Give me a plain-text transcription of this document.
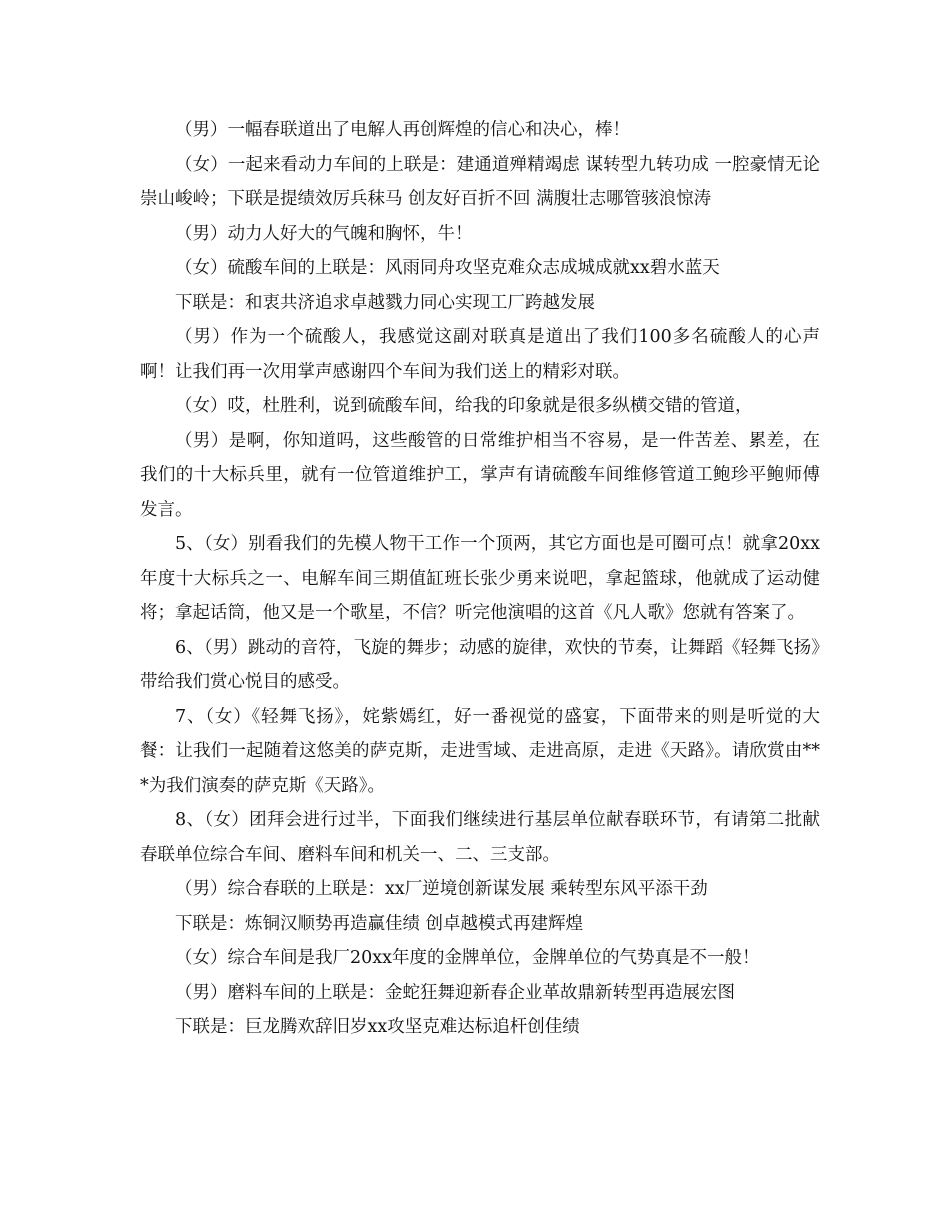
（男）一幅春联道出了电解人再创辉煌的信心和决心，棒！

（女）一起来看动力车间的上联是：建通道殚精竭虑 谋转型九转功成 一腔豪情无论崇山峻岭；下联是提绩效厉兵秣马 创友好百折不回 满腹壮志哪管骇浪惊涛

（男）动力人好大的气魄和胸怀，牛！

（女）硫酸车间的上联是：风雨同舟攻坚克难众志成城成就xx碧水蓝天

下联是：和衷共济追求卓越戮力同心实现工厂跨越发展

（男）作为一个硫酸人，我感觉这副对联真是道出了我们100多名硫酸人的心声啊！让我们再一次用掌声感谢四个车间为我们送上的精彩对联。

（女）哎，杜胜利，说到硫酸车间，给我的印象就是很多纵横交错的管道，

（男）是啊，你知道吗，这些酸管的日常维护相当不容易，是一件苦差、累差，在我们的十大标兵里，就有一位管道维护工，掌声有请硫酸车间维修管道工鲍珍平鲍师傅发言。

5、（女）别看我们的先模人物干工作一个顶两，其它方面也是可圈可点！就拿20xx年度十大标兵之一、电解车间三期值缸班长张少勇来说吧，拿起篮球，他就成了运动健将；拿起话筒，他又是一个歌星，不信？听完他演唱的这首《凡人歌》您就有答案了。

6、（男）跳动的音符，飞旋的舞步；动感的旋律，欢快的节奏，让舞蹈《轻舞飞扬》带给我们赏心悦目的感受。

7、（女）《轻舞飞扬》，姹紫嫣红，好一番视觉的盛宴，下面带来的则是听觉的大餐：让我们一起随着这悠美的萨克斯，走进雪域、走进高原，走进《天路》。请欣赏由***为我们演奏的萨克斯《天路》。

8、（女）团拜会进行过半，下面我们继续进行基层单位献春联环节，有请第二批献春联单位综合车间、磨料车间和机关一、二、三支部。

（男）综合春联的上联是：xx厂逆境创新谋发展 乘转型东风平添干劲

下联是：炼铜汉顺势再造赢佳绩 创卓越模式再建辉煌

（女）综合车间是我厂20xx年度的金牌单位，金牌单位的气势真是不一般！

（男）磨料车间的上联是：金蛇狂舞迎新春企业革故鼎新转型再造展宏图

下联是：巨龙腾欢辞旧岁xx攻坚克难达标追杆创佳绩
